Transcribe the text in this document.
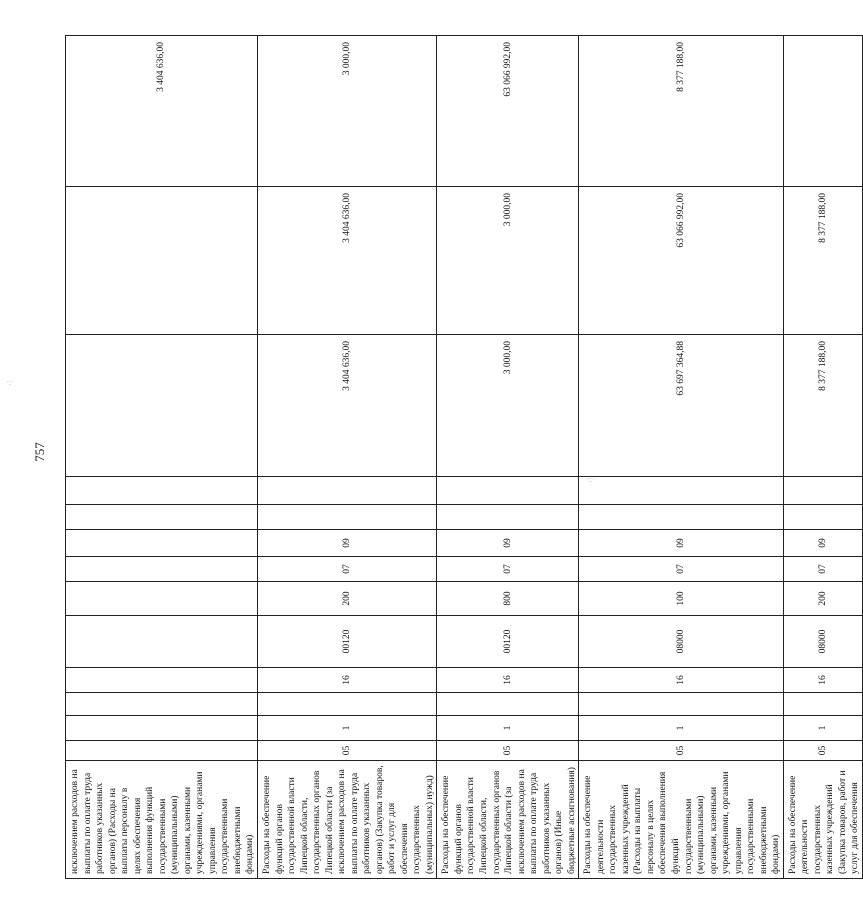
757
исключением расходов на выплаты по оплате труда работников указанных органов) (Расходы на выплаты персоналу в целях обеспечения выполнения функций государственными (муниципальными) органами, казенными учреждениями, органами управления государственными внебюджетными фондами)													3 404 636,00
Расходы на обеспечение функций органов государственной власти Липецкой области, государственных органов Липецкой области (за исключением расходов на выплаты по оплате труда работников указанных органов) (Закупка товаров, работ и услуг для обеспечения государственных (муниципальных) нужд)	05	1		16	00120	200	07	09			3 404 636,00	3 404 636,00	3 000,00
Расходы на обеспечение функций органов государственной власти Липецкой области, государственных органов Липецкой области (за исключением расходов на выплаты по оплате труда работников указанных органов) (Иные бюджетные ассигнования)	05	1		16	00120	800	07	09			3 000,00	3 000,00	63 066 992,00
Расходы на обеспечение деятельности государственных казенных учреждений (Расходы на выплаты персоналу в целях обеспечения выполнения функций государственными (муниципальными) органами, казенными учреждениями, органами управления государственными внебюджетными фондами)	05	1		16	08000	100	07	09			63 697 364,88	63 066 992,00	8 377 188,00
Расходы на обеспечение деятельности государственных казенных учреждений (Закупка товаров, работ и услуг для обеспечения	05	1		16	08000	200	07	09			8 377 188,00	8 377 188,00	
·:·
·::·
